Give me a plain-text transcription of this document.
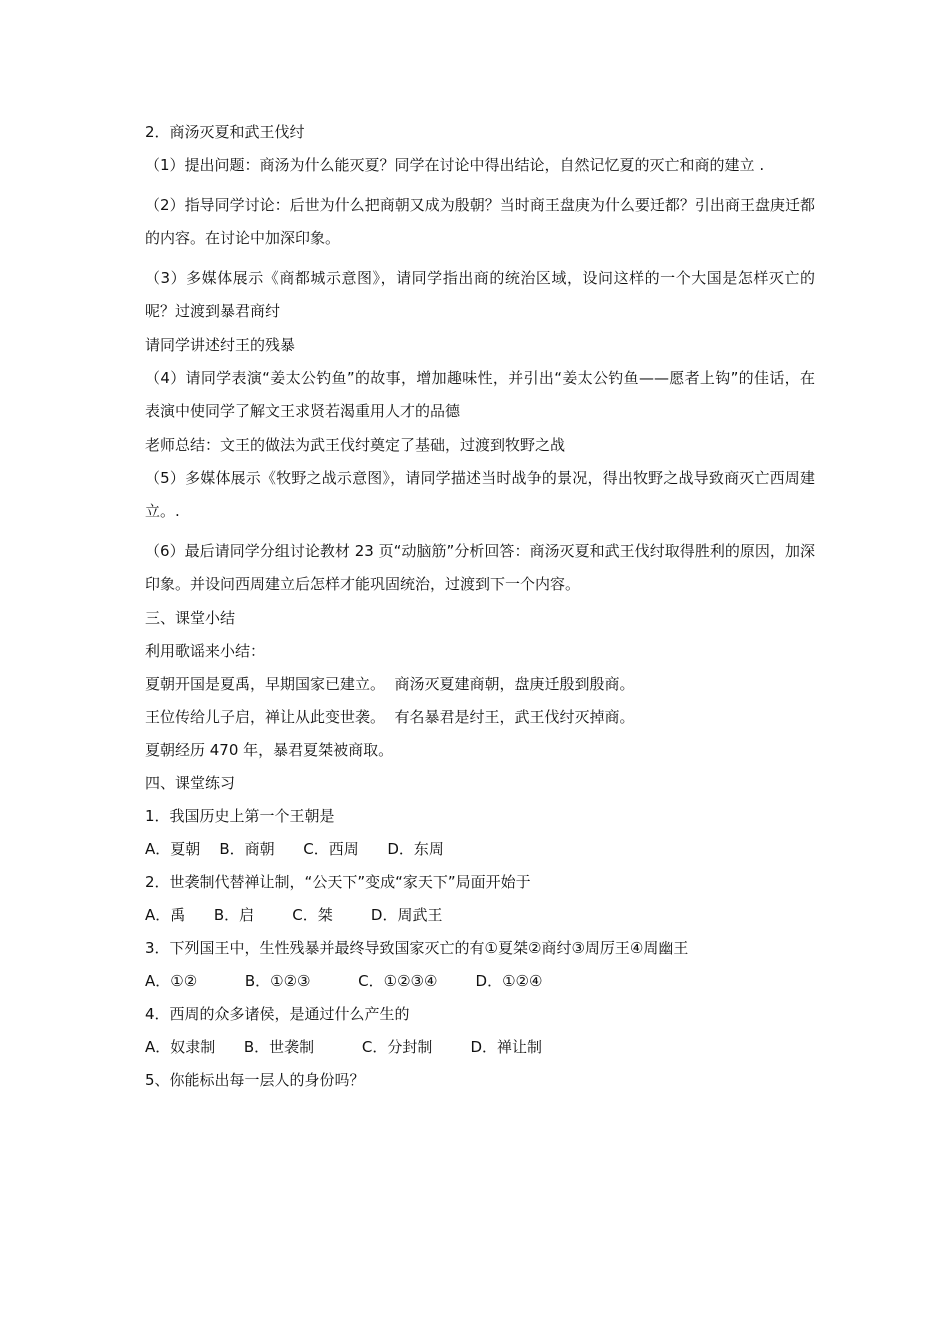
2．商汤灭夏和武王伐纣

（1）提出问题：商汤为什么能灭夏？同学在讨论中得出结论，自然记忆夏的灭亡和商的建立 .

（2）指导同学讨论：后世为什么把商朝又成为殷朝？当时商王盘庚为什么要迁都？引出商王盘庚迁都的内容。在讨论中加深印象。

（3）多媒体展示《商都城示意图》，请同学指出商的统治区域，设问这样的一个大国是怎样灭亡的呢？过渡到暴君商纣

请同学讲述纣王的残暴

（4）请同学表演“姜太公钓鱼”的故事，增加趣味性，并引出“姜太公钓鱼——愿者上钩”的佳话，在表演中使同学了解文王求贤若渴重用人才的品德

老师总结：文王的做法为武王伐纣奠定了基础，过渡到牧野之战

（5）多媒体展示《牧野之战示意图》，请同学描述当时战争的景况，得出牧野之战导致商灭亡西周建立。.

（6）最后请同学分组讨论教材 23 页“动脑筋”分析回答：商汤灭夏和武王伐纣取得胜利的原因，加深印象。并设问西周建立后怎样才能巩固统治，过渡到下一个内容。

三、课堂小结

利用歌谣来小结：

夏朝开国是夏禹，早期国家已建立。  商汤灭夏建商朝，盘庚迁殷到殷商。

王位传给儿子启，禅让从此变世袭。  有名暴君是纣王，武王伐纣灭掉商。

夏朝经历 470 年，暴君夏桀被商取。

四、课堂练习

1．我国历史上第一个王朝是

A．夏朝    B．商朝      C．西周      D．东周

2．世袭制代替禅让制，“公天下”变成“家天下”局面开始于

A．禹      B．启        C．桀        D．周武王

3．下列国王中，生性残暴并最终导致国家灭亡的有①夏桀②商纣③周厉王④周幽王

A．①②          B．①②③          C．①②③④        D．①②④

4．西周的众多诸侯，是通过什么产生的

A．奴隶制      B．世袭制          C．分封制        D．禅让制

5、你能标出每一层人的身份吗？
